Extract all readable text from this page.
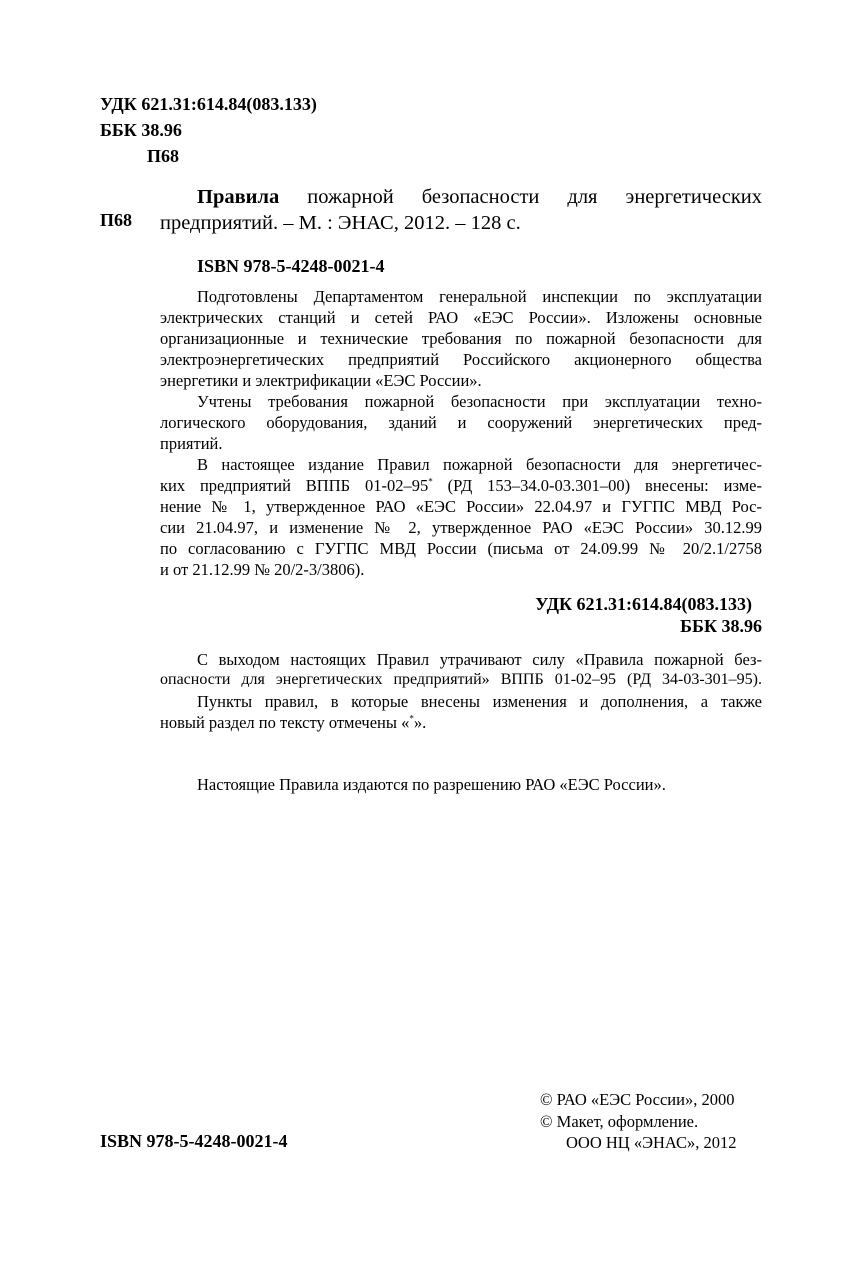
УДК 621.31:614.84(083.133)
ББК 38.96
П68
П68
Правила пожарной безопасности для энергетических
предприятий. – М. : ЭНАС, 2012. – 128 с.
ISBN 978-5-4248-0021-4
Подготовлены Департаментом генеральной инспекции по эксплуатации
электрических станций и сетей РАО «ЕЭС России». Изложены основные
организационные и технические требования по пожарной безопасности для
электроэнергетических предприятий Российского акционерного общества
энергетики и электрификации «ЕЭС России».
Учтены требования пожарной безопасности при эксплуатации техно-
логического оборудования, зданий и сооружений энергетических пред-
приятий.
В настоящее издание Правил пожарной безопасности для энергетичес-
ких предприятий ВППБ 01-02–95* (РД 153–34.0-03.301–00) внесены: изме-
нение № 1, утвержденное РАО «ЕЭС России» 22.04.97 и ГУГПС МВД Рос-
сии 21.04.97, и изменение № 2, утвержденное РАО «ЕЭС России» 30.12.99
по согласованию с ГУГПС МВД России (письма от 24.09.99 № 20/2.1/2758
и от 21.12.99 № 20/2-3/3806).
УДК 621.31:614.84(083.133)
ББК 38.96
С выходом настоящих Правил утрачивают силу «Правила пожарной без-
опасности для энергетических предприятий» ВППБ 01-02–95 (РД 34-03-301–95).
Пункты правил, в которые внесены изменения и дополнения, а также
новый раздел по тексту отмечены «*».
Настоящие Правила издаются по разрешению РАО «ЕЭС России».
ISBN 978-5-4248-0021-4
© РАО «ЕЭС России», 2000
© Макет, оформление.
ООО НЦ «ЭНАС», 2012
